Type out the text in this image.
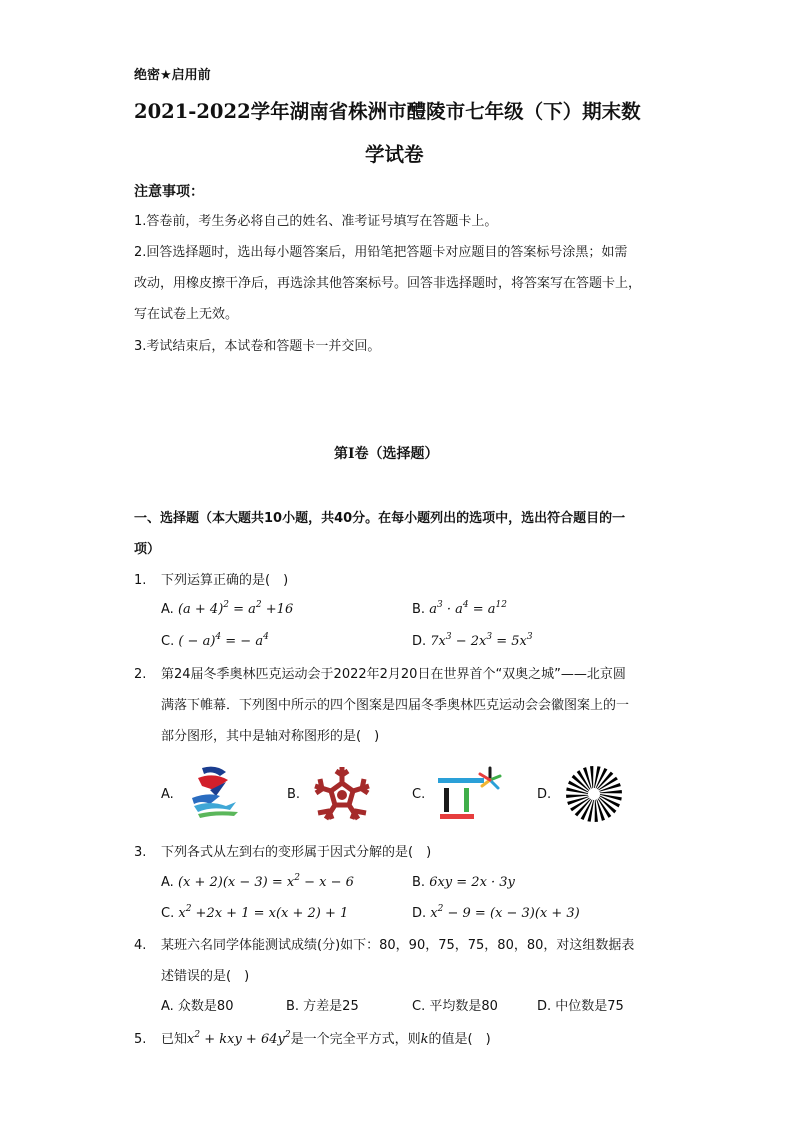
绝密★启用前
2021-2022学年湖南省株洲市醴陵市七年级（下）期末数
学试卷
注意事项：
1.答卷前，考生务必将自己的姓名、准考证号填写在答题卡上。
2.回答选择题时，选出每小题答案后，用铅笔把答题卡对应题目的答案标号涂黑；如需
改动，用橡皮擦干净后，再选涂其他答案标号。回答非选择题时，将答案写在答题卡上，
写在试卷上无效。
3.考试结束后，本试卷和答题卡一并交回。
第Ⅰ卷（选择题）
一、选择题（本大题共10小题，共40分。在每小题列出的选项中，选出符合题目的一
项）
1. 下列运算正确的是(　)
A. $(a + 4)^2 = a^2 +16$	B. $a^3 \cdot a^4 = a^{12}$
C. ( − a)$^4$ = − $a^4$	D. $7x^3 - 2x^3 = 5x^3$
2. 第24届冬季奥林匹克运动会于2022年2月20日在世界首个“双奥之城”——北京圆
满落下帷幕．下列图中所示的四个图案是四届冬季奥林匹克运动会会徽图案上的一
部分图形，其中是轴对称图形的是(　)
A.	B.	C.	D.
3. 下列各式从左到右的变形属于因式分解的是(　)
A. $(x + 2)(x - 3) = x^2 - x - 6$	B. 6xy = 2x · 3y
C. $x^2 +2x + 1 = x(x + 2) + 1$	D. $x^2 - 9 = (x - 3)(x + 3)$
4. 某班六名同学体能测试成绩(分)如下：80，90，75，75，80，80，对这组数据表
述错误的是(　)
A. 众数是80	B. 方差是25	C. 平均数是80	D. 中位数是75
5. 已知$x^2$ + kxy + $64y^2$是一个完全平方式，则k的值是(　)
